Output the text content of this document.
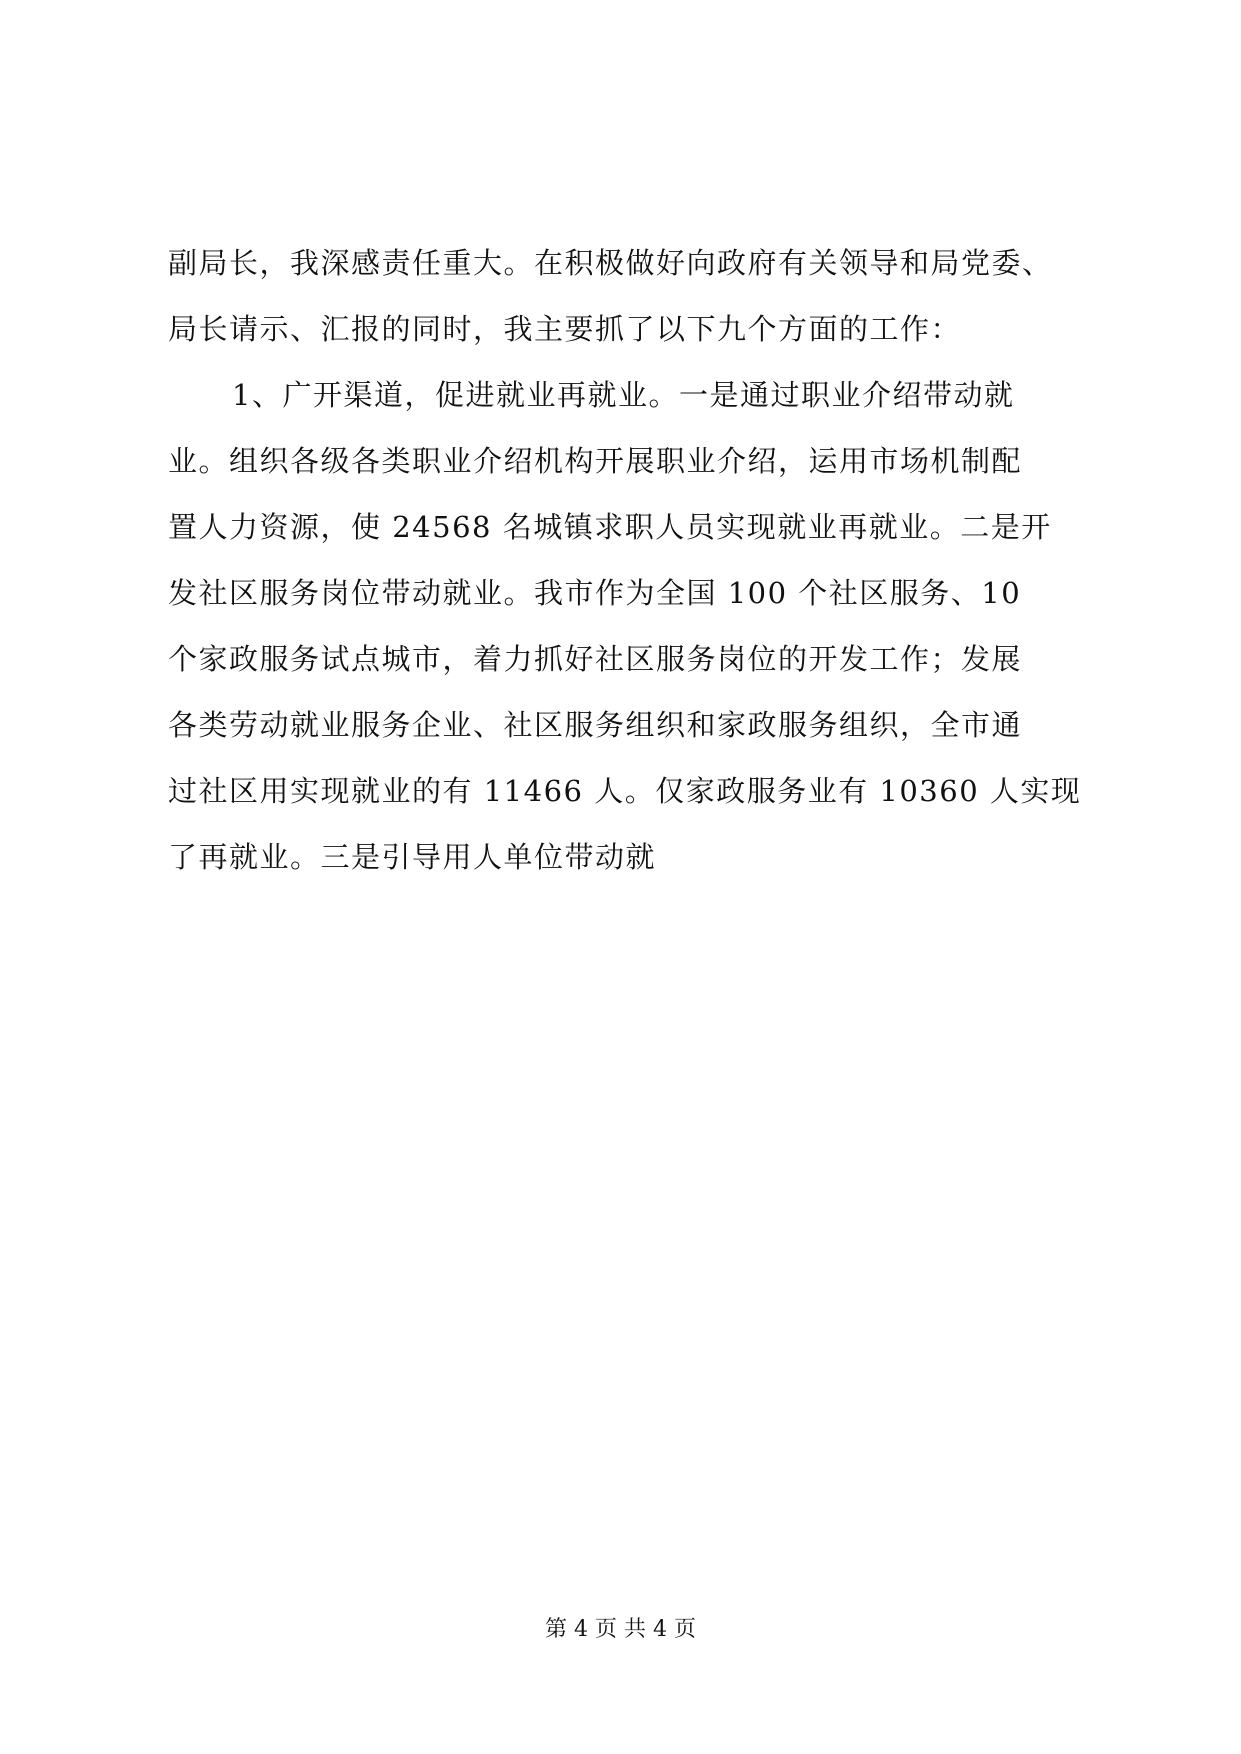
副局长，我深感责任重大。在积极做好向政府有关领导和局党委、
局长请示、汇报的同时，我主要抓了以下九个方面的工作：
1、广开渠道，促进就业再就业。一是通过职业介绍带动就
业。组织各级各类职业介绍机构开展职业介绍，运用市场机制配
置人力资源，使 24568 名城镇求职人员实现就业再就业。二是开
发社区服务岗位带动就业。我市作为全国 100 个社区服务、10
个家政服务试点城市，着力抓好社区服务岗位的开发工作；发展
各类劳动就业服务企业、社区服务组织和家政服务组织，全市通
过社区用实现就业的有 11466 人。仅家政服务业有 10360 人实现
了再就业。三是引导用人单位带动就
第 4 页 共 4 页
